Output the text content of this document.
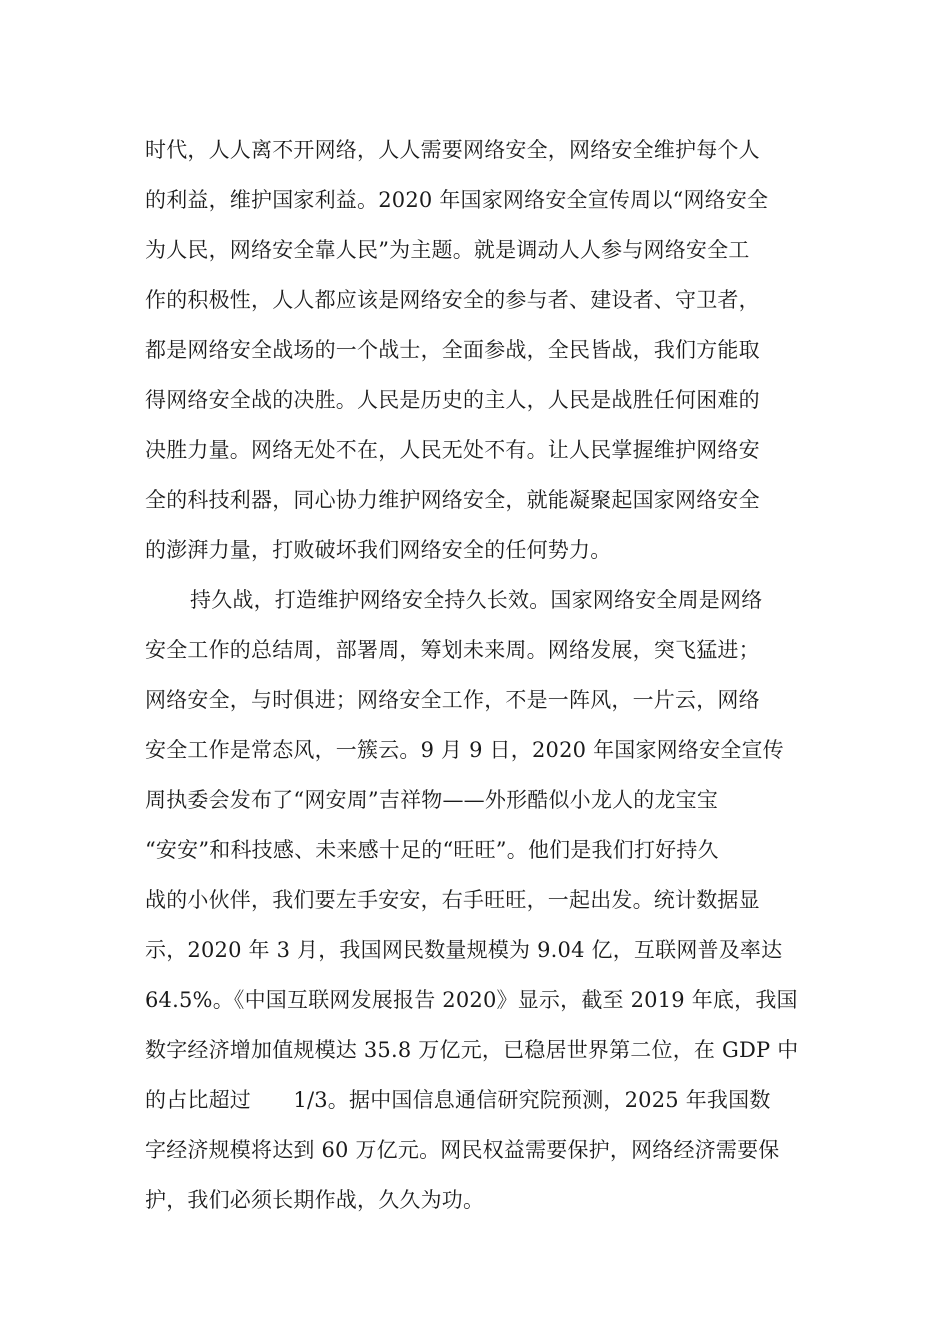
时代，人人离不开网络，人人需要网络安全，网络安全维护每个人
的利益，维护国家利益。2020 年国家网络安全宣传周以“网络安全
为人民，网络安全靠人民”为主题。就是调动人人参与网络安全工
作的积极性，人人都应该是网络安全的参与者、建设者、守卫者，
都是网络安全战场的一个战士，全面参战，全民皆战，我们方能取
得网络安全战的决胜。人民是历史的主人，人民是战胜任何困难的
决胜力量。网络无处不在，人民无处不有。让人民掌握维护网络安
全的科技利器，同心协力维护网络安全，就能凝聚起国家网络安全
的澎湃力量，打败破坏我们网络安全的任何势力。
持久战，打造维护网络安全持久长效。国家网络安全周是网络
安全工作的总结周，部署周，筹划未来周。网络发展，突飞猛进；
网络安全，与时俱进；网络安全工作，不是一阵风，一片云，网络
安全工作是常态风，一簇云。9 月 9 日，2020 年国家网络安全宣传
周执委会发布了“网安周”吉祥物——外形酷似小龙人的龙宝宝
“安安”和科技感、未来感十足的“旺旺”。他们是我们打好持久
战的小伙伴，我们要左手安安，右手旺旺，一起出发。统计数据显
示，2020 年 3 月，我国网民数量规模为 9.04 亿，互联网普及率达
64.5%。《中国互联网发展报告 2020》显示，截至 2019 年底，我国
数字经济增加值规模达 35.8 万亿元，已稳居世界第二位，在 GDP 中
的占比超过　　1/3。据中国信息通信研究院预测，2025 年我国数
字经济规模将达到 60 万亿元。网民权益需要保护，网络经济需要保
护，我们必须长期作战，久久为功。
